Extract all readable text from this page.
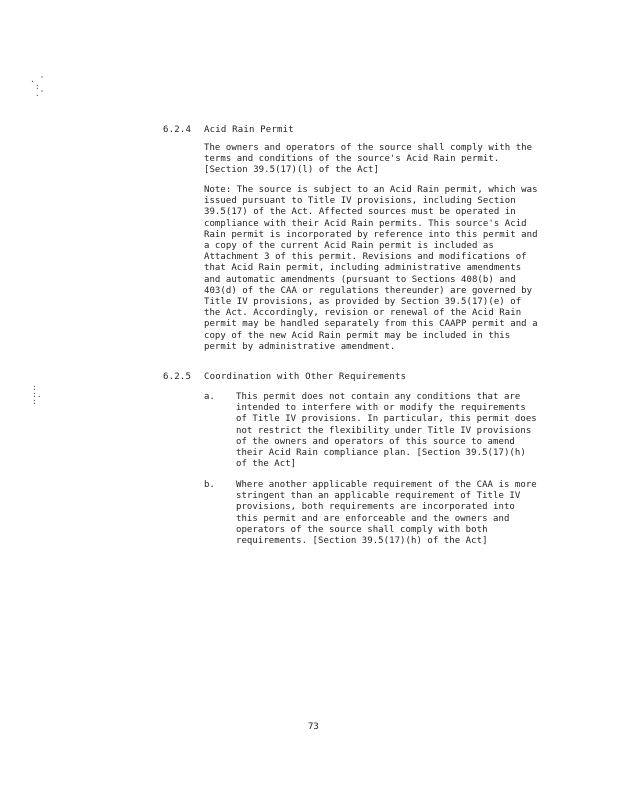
. '
:
.'
6.2.4 Acid Rain Permit
The owners and operators of the source shall comply with the terms and conditions of the source's Acid Rain permit. [Section 39.5(17)(l) of the Act]
Note: The source is subject to an Acid Rain permit, which was issued pursuant to Title IV provisions, including Section 39.5(17) of the Act. Affected sources must be operated in compliance with their Acid Rain permits. This source's Acid Rain permit is incorporated by reference into this permit and a copy of the current Acid Rain permit is included as Attachment 3 of this permit. Revisions and modifications of that Acid Rain permit, including administrative amendments and automatic amendments (pursuant to Sections 408(b) and 403(d) of the CAA or regulations thereunder) are governed by Title IV provisions, as provided by Section 39.5(17)(e) of the Act. Accordingly, revision or renewal of the Acid Rain permit may be handled separately from this CAAPP permit and a copy of the new Acid Rain permit may be included in this permit by administrative amendment.
:
:.
:
6.2.5 Coordination with Other Requirements
a. This permit does not contain any conditions that are intended to interfere with or modify the requirements of Title IV provisions. In particular, this permit does not restrict the flexibility under Title IV provisions of the owners and operators of this source to amend their Acid Rain compliance plan. [Section 39.5(17)(h) of the Act]
b. Where another applicable requirement of the CAA is more stringent than an applicable requirement of Title IV provisions, both requirements are incorporated into this permit and are enforceable and the owners and operators of the source shall comply with both requirements. [Section 39.5(17)(h) of the Act]
73
